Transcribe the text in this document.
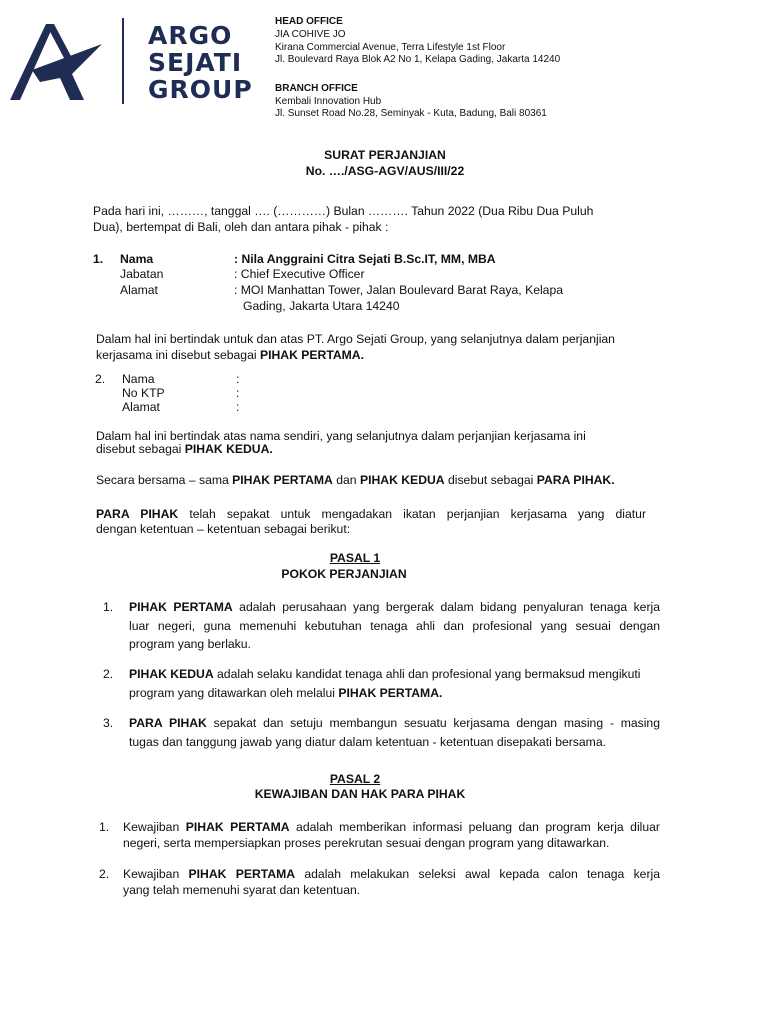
ARGO
SEJATI
GROUP
HEAD OFFICE
JIA COHIVE JO
Kirana Commercial Avenue, Terra Lifestyle 1st Floor
Jl. Boulevard Raya Blok A2 No 1, Kelapa Gading, Jakarta 14240
BRANCH OFFICE
Kembali Innovation Hub
Jl. Sunset Road No.28, Seminyak - Kuta, Badung, Bali 80361
SURAT PERJANJIAN
No. …./ASG-AGV/AUS/III/22
Pada hari ini, ………, tanggal …. (…………) Bulan ………. Tahun 2022 (Dua Ribu Dua Puluh
Dua), bertempat di Bali, oleh dan antara pihak - pihak :
1. Nama	: Nila Anggraini Citra Sejati B.Sc.IT, MM, MBA
Jabatan	: Chief Executive Officer
Alamat	: MOI Manhattan Tower, Jalan Boulevard Barat Raya, Kelapa
Gading, Jakarta Utara 14240
Dalam hal ini bertindak untuk dan atas PT. Argo Sejati Group, yang selanjutnya dalam perjanjian
kerjasama ini disebut sebagai PIHAK PERTAMA.
2. Nama	:
No KTP	:
Alamat	:
Dalam hal ini bertindak atas nama sendiri, yang selanjutnya dalam perjanjian kerjasama ini
disebut sebagai PIHAK KEDUA.
Secara bersama – sama PIHAK PERTAMA dan PIHAK KEDUA disebut sebagai PARA PIHAK.
PARA PIHAK telah sepakat untuk mengadakan ikatan perjanjian kerjasama yang diatur
dengan ketentuan – ketentuan sebagai berikut:
PASAL 1
POKOK PERJANJIAN
1. PIHAK PERTAMA adalah perusahaan yang bergerak dalam bidang penyaluran tenaga kerja
luar negeri, guna memenuhi kebutuhan tenaga ahli dan profesional yang sesuai dengan
program yang berlaku.
2. PIHAK KEDUA adalah selaku kandidat tenaga ahli dan profesional yang bermaksud mengikuti
program yang ditawarkan oleh melalui PIHAK PERTAMA.
3. PARA PIHAK sepakat dan setuju membangun sesuatu kerjasama dengan masing - masing
tugas dan tanggung jawab yang diatur dalam ketentuan - ketentuan disepakati bersama.
PASAL 2
KEWAJIBAN DAN HAK PARA PIHAK
1. Kewajiban PIHAK PERTAMA adalah memberikan informasi peluang dan program kerja diluar
negeri, serta mempersiapkan proses perekrutan sesuai dengan program yang ditawarkan.
2. Kewajiban PIHAK PERTAMA adalah melakukan seleksi awal kepada calon tenaga kerja
yang telah memenuhi syarat dan ketentuan.
